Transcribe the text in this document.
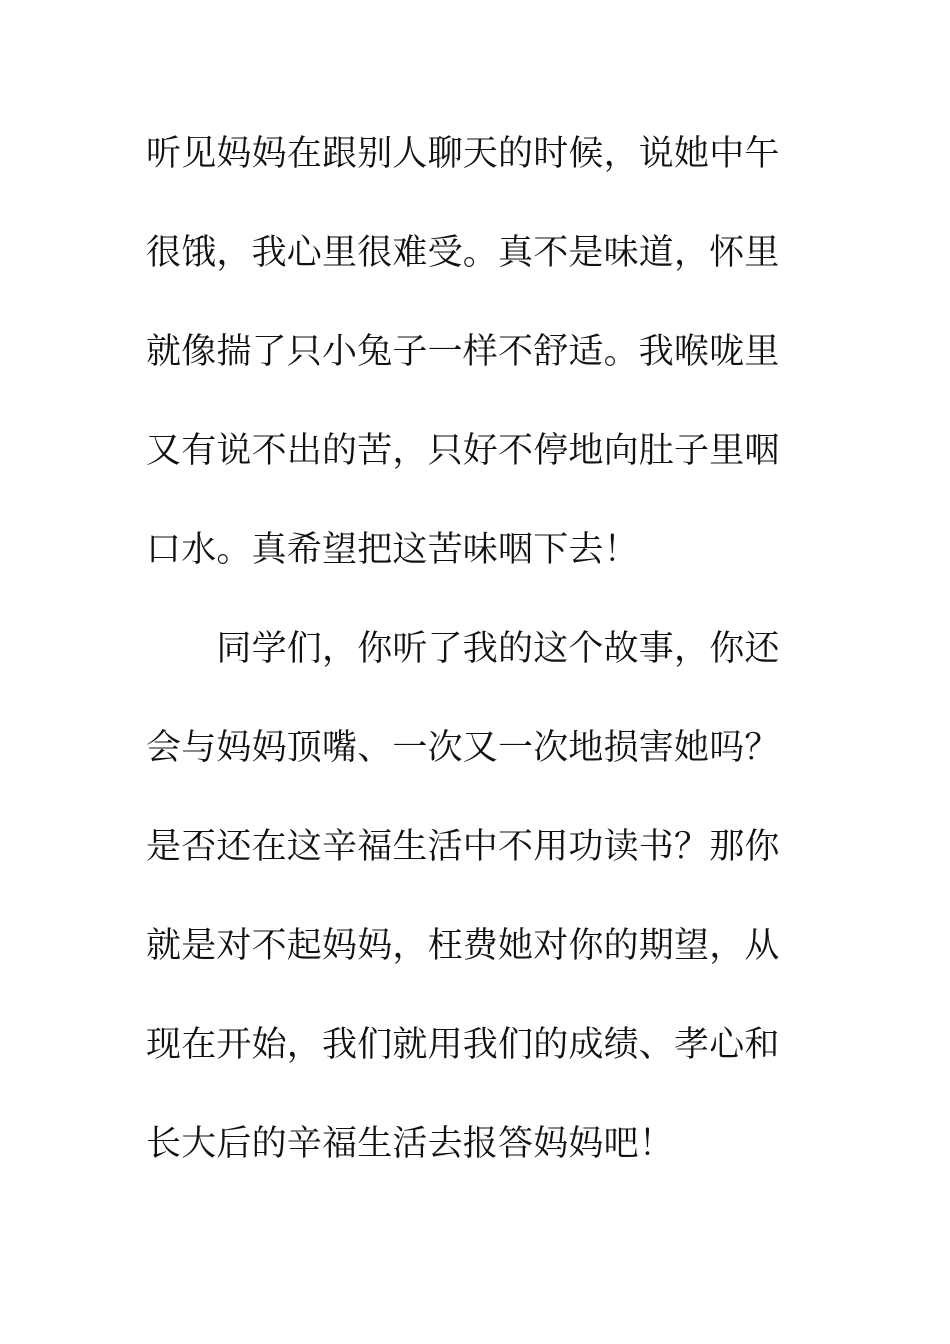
听见妈妈在跟别人聊天的时候，说她中午
很饿，我心里很难受。真不是味道，怀里
就像揣了只小兔子一样不舒适。我喉咙里
又有说不出的苦，只好不停地向肚子里咽
口水。真希望把这苦味咽下去！
　　同学们，你听了我的这个故事，你还
会与妈妈顶嘴、一次又一次地损害她吗？
是否还在这辛福生活中不用功读书？那你
就是对不起妈妈，枉费她对你的期望，从
现在开始，我们就用我们的成绩、孝心和
长大后的辛福生活去报答妈妈吧！
